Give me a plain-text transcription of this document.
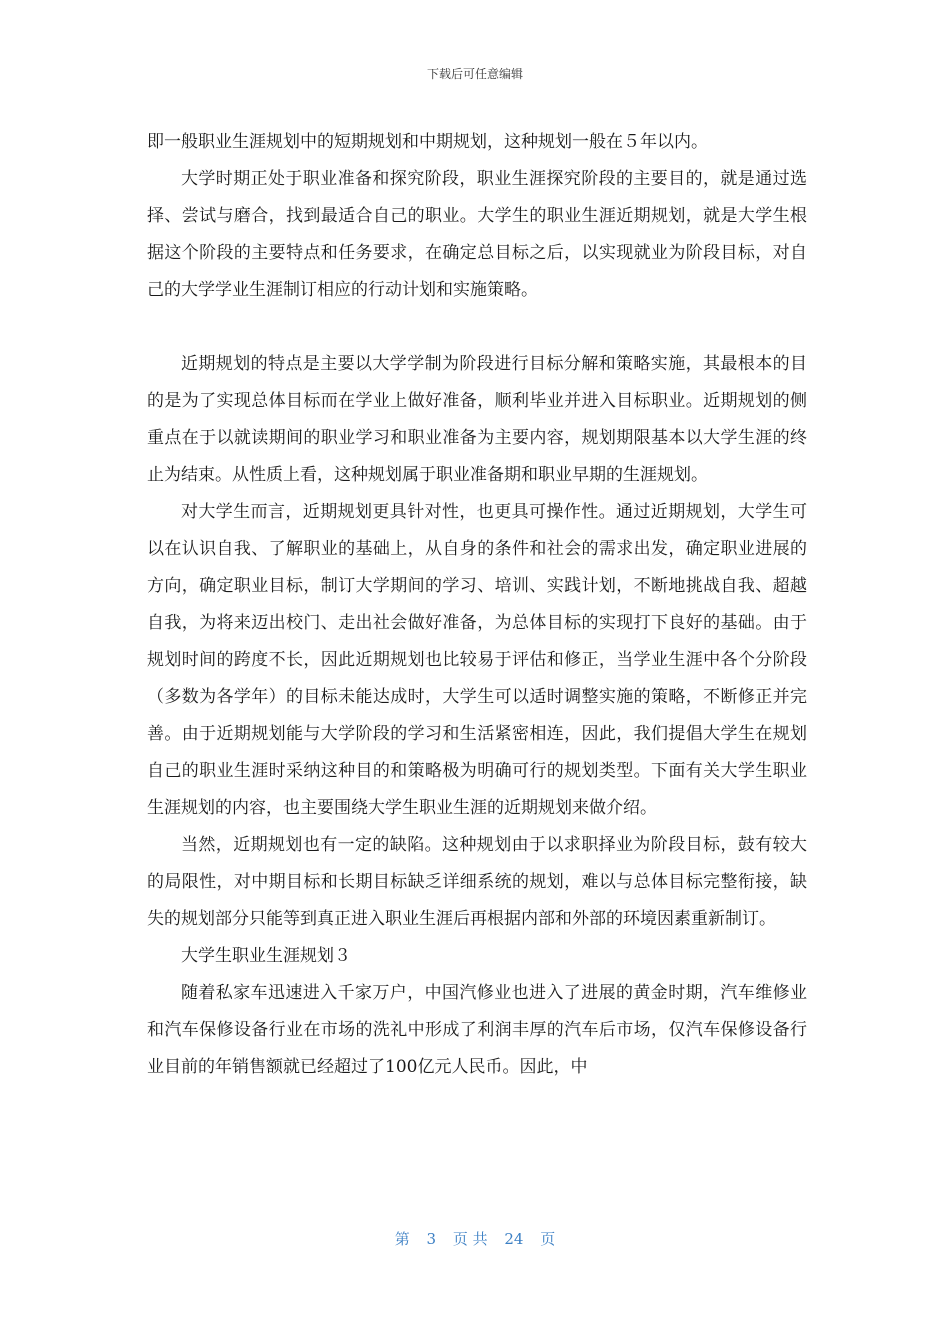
下载后可任意编辑

即一般职业生涯规划中的短期规划和中期规划，这种规划一般在５年以内。

大学时期正处于职业准备和探究阶段，职业生涯探究阶段的主要目的，就是通过选择、尝试与磨合，找到最适合自己的职业。大学生的职业生涯近期规划，就是大学生根据这个阶段的主要特点和任务要求，在确定总目标之后，以实现就业为阶段目标，对自己的大学学业生涯制订相应的行动计划和实施策略。

近期规划的特点是主要以大学学制为阶段进行目标分解和策略实施，其最根本的目的是为了实现总体目标而在学业上做好准备，顺利毕业并进入目标职业。近期规划的侧重点在于以就读期间的职业学习和职业准备为主要内容，规划期限基本以大学生涯的终止为结束。从性质上看，这种规划属于职业准备期和职业早期的生涯规划。

对大学生而言，近期规划更具针对性，也更具可操作性。通过近期规划，大学生可以在认识自我、了解职业的基础上，从自身的条件和社会的需求出发，确定职业进展的方向，确定职业目标，制订大学期间的学习、培训、实践计划，不断地挑战自我、超越自我，为将来迈出校门、走出社会做好准备，为总体目标的实现打下良好的基础。由于规划时间的跨度不长，因此近期规划也比较易于评估和修正，当学业生涯中各个分阶段（多数为各学年）的目标未能达成时，大学生可以适时调整实施的策略，不断修正并完善。由于近期规划能与大学阶段的学习和生活紧密相连，因此，我们提倡大学生在规划自己的职业生涯时采纳这种目的和策略极为明确可行的规划类型。下面有关大学生职业生涯规划的内容，也主要围绕大学生职业生涯的近期规划来做介绍。

当然，近期规划也有一定的缺陷。这种规划由于以求职择业为阶段目标，鼓有较大的局限性，对中期目标和长期目标缺乏详细系统的规划，难以与总体目标完整衔接，缺失的规划部分只能等到真正进入职业生涯后再根据内部和外部的环境因素重新制订。

大学生职业生涯规划３

随着私家车迅速进入千家万户，中国汽修业也进入了进展的黄金时期，汽车维修业和汽车保修设备行业在市场的洗礼中形成了利润丰厚的汽车后市场，仅汽车保修设备行业目前的年销售额就已经超过了100亿元人民币。因此，中

第 3 页 共 24 页
